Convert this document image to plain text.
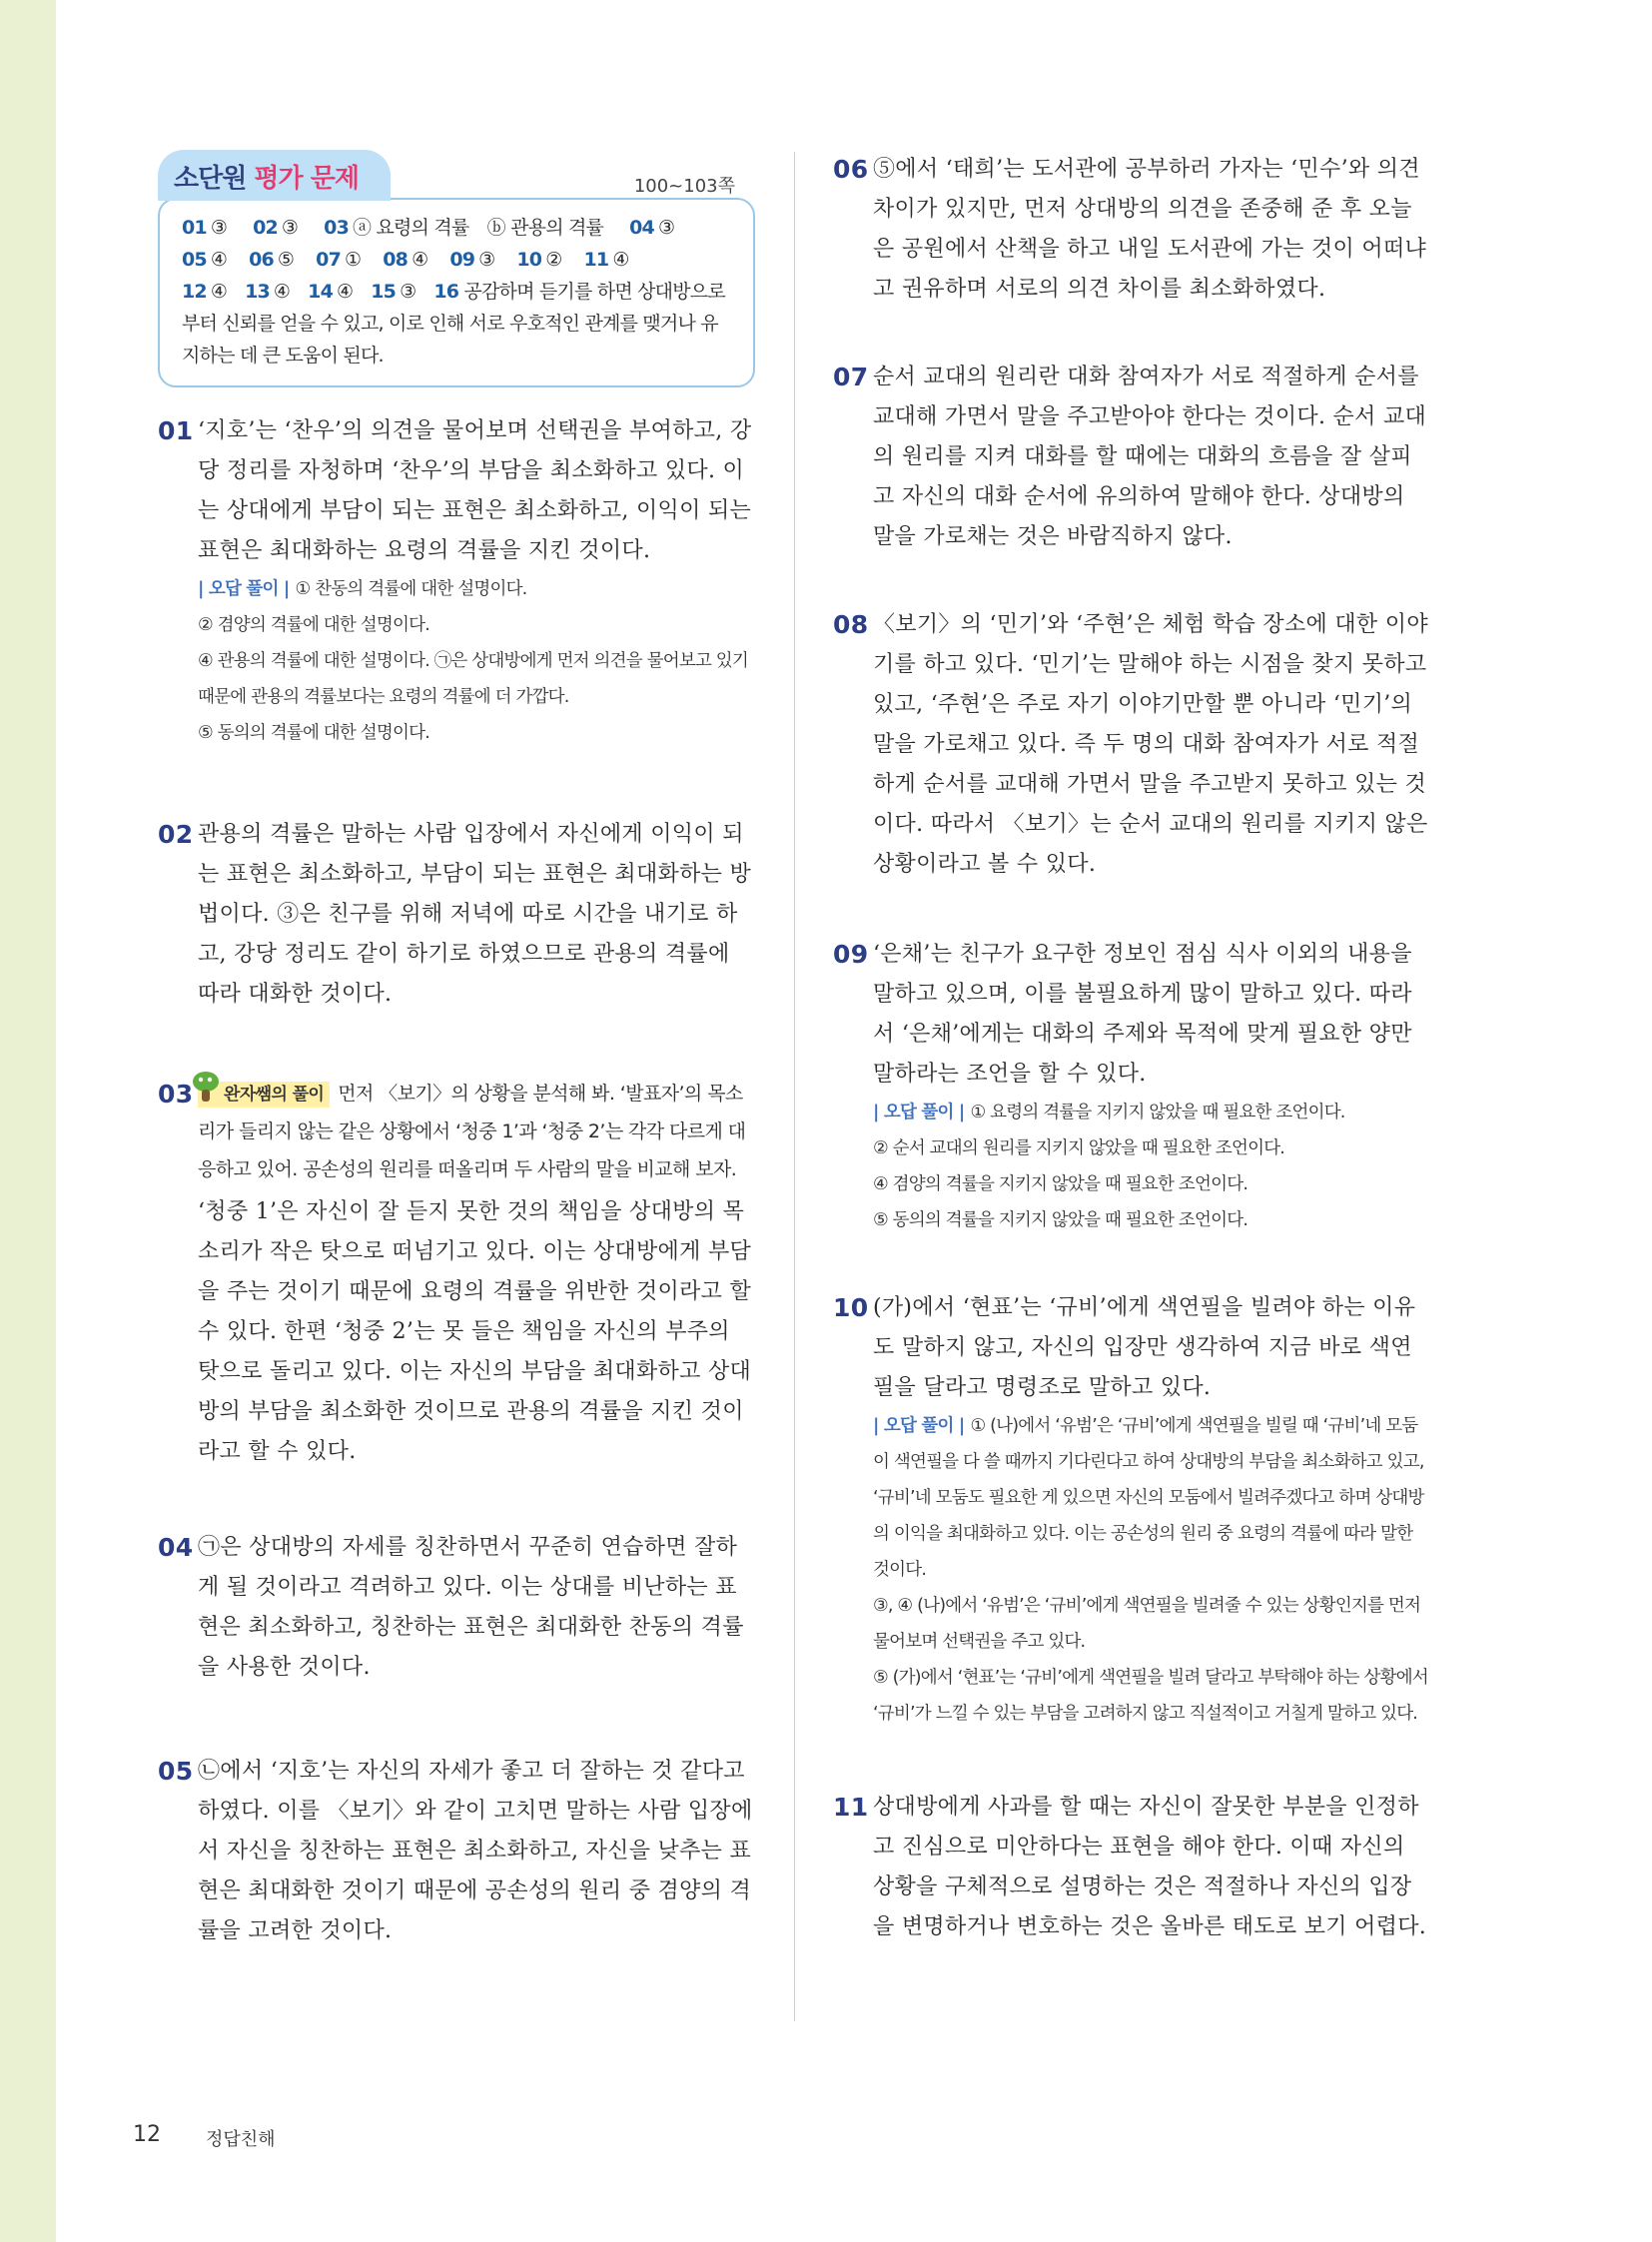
소단원 평가 문제	100~103쪽
01 ③ 02 ③ 03 ⓐ 요령의 격률　ⓑ 관용의 격률 04 ③
05 ④ 06 ⑤ 07 ① 08 ④ 09 ③ 10 ② 11 ④
12 ④ 13 ④ 14 ④ 15 ③ 16 공감하며 듣기를 하면 상대방으로부터 신뢰를 얻을 수 있고, 이로 인해 서로 우호적인 관계를 맺거나 유지하는 데 큰 도움이 된다.
01 ‘지호’는 ‘찬우’의 의견을 물어보며 선택권을 부여하고, 강당 정리를 자청하며 ‘찬우’의 부담을 최소화하고 있다. 이는 상대에게 부담이 되는 표현은 최소화하고, 이익이 되는 표현은 최대화하는 요령의 격률을 지킨 것이다.
| 오답 풀이 | ① 찬동의 격률에 대한 설명이다.
② 겸양의 격률에 대한 설명이다.
④ 관용의 격률에 대한 설명이다. ㉠은 상대방에게 먼저 의견을 물어보고 있기 때문에 관용의 격률보다는 요령의 격률에 더 가깝다.
⑤ 동의의 격률에 대한 설명이다.
02 관용의 격률은 말하는 사람 입장에서 자신에게 이익이 되는 표현은 최소화하고, 부담이 되는 표현은 최대화하는 방법이다. ③은 친구를 위해 저녁에 따로 시간을 내기로 하고, 강당 정리도 같이 하기로 하였으므로 관용의 격률에 따라 대화한 것이다.
03	완자쌤의 풀이 먼저 〈보기〉의 상황을 분석해 봐. ‘발표자’의 목소리가 들리지 않는 같은 상황에서 ‘청중 1’과 ‘청중 2’는 각각 다르게 대응하고 있어. 공손성의 원리를 떠올리며 두 사람의 말을 비교해 보자.
‘청중 1’은 자신이 잘 듣지 못한 것의 책임을 상대방의 목소리가 작은 탓으로 떠넘기고 있다. 이는 상대방에게 부담을 주는 것이기 때문에 요령의 격률을 위반한 것이라고 할 수 있다. 한편 ‘청중 2’는 못 들은 책임을 자신의 부주의 탓으로 돌리고 있다. 이는 자신의 부담을 최대화하고 상대방의 부담을 최소화한 것이므로 관용의 격률을 지킨 것이라고 할 수 있다.
04 ㉠은 상대방의 자세를 칭찬하면서 꾸준히 연습하면 잘하게 될 것이라고 격려하고 있다. 이는 상대를 비난하는 표현은 최소화하고, 칭찬하는 표현은 최대화한 찬동의 격률을 사용한 것이다.
05 ㉡에서 ‘지호’는 자신의 자세가 좋고 더 잘하는 것 같다고 하였다. 이를 〈보기〉와 같이 고치면 말하는 사람 입장에서 자신을 칭찬하는 표현은 최소화하고, 자신을 낮추는 표현은 최대화한 것이기 때문에 공손성의 원리 중 겸양의 격률을 고려한 것이다.
06 ⑤에서 ‘태희’는 도서관에 공부하러 가자는 ‘민수’와 의견 차이가 있지만, 먼저 상대방의 의견을 존중해 준 후 오늘은 공원에서 산책을 하고 내일 도서관에 가는 것이 어떠냐고 권유하며 서로의 의견 차이를 최소화하였다.
07 순서 교대의 원리란 대화 참여자가 서로 적절하게 순서를 교대해 가면서 말을 주고받아야 한다는 것이다. 순서 교대의 원리를 지켜 대화를 할 때에는 대화의 흐름을 잘 살피고 자신의 대화 순서에 유의하여 말해야 한다. 상대방의 말을 가로채는 것은 바람직하지 않다.
08 〈보기〉의 ‘민기’와 ‘주현’은 체험 학습 장소에 대한 이야기를 하고 있다. ‘민기’는 말해야 하는 시점을 찾지 못하고 있고, ‘주현’은 주로 자기 이야기만할 뿐 아니라 ‘민기’의 말을 가로채고 있다. 즉 두 명의 대화 참여자가 서로 적절하게 순서를 교대해 가면서 말을 주고받지 못하고 있는 것이다. 따라서 〈보기〉는 순서 교대의 원리를 지키지 않은 상황이라고 볼 수 있다.
09 ‘은채’는 친구가 요구한 정보인 점심 식사 이외의 내용을 말하고 있으며, 이를 불필요하게 많이 말하고 있다. 따라서 ‘은채’에게는 대화의 주제와 목적에 맞게 필요한 양만 말하라는 조언을 할 수 있다.
| 오답 풀이 | ① 요령의 격률을 지키지 않았을 때 필요한 조언이다.
② 순서 교대의 원리를 지키지 않았을 때 필요한 조언이다.
④ 겸양의 격률을 지키지 않았을 때 필요한 조언이다.
⑤ 동의의 격률을 지키지 않았을 때 필요한 조언이다.
10 (가)에서 ‘현표’는 ‘규비’에게 색연필을 빌려야 하는 이유도 말하지 않고, 자신의 입장만 생각하여 지금 바로 색연필을 달라고 명령조로 말하고 있다.
| 오답 풀이 | ① (나)에서 ‘유범’은 ‘규비’에게 색연필을 빌릴 때 ‘규비’네 모둠이 색연필을 다 쓸 때까지 기다린다고 하여 상대방의 부담을 최소화하고 있고, ‘규비’네 모둠도 필요한 게 있으면 자신의 모둠에서 빌려주겠다고 하며 상대방의 이익을 최대화하고 있다. 이는 공손성의 원리 중 요령의 격률에 따라 말한 것이다.
③, ④ (나)에서 ‘유범’은 ‘규비’에게 색연필을 빌려줄 수 있는 상황인지를 먼저 물어보며 선택권을 주고 있다.
⑤ (가)에서 ‘현표’는 ‘규비’에게 색연필을 빌려 달라고 부탁해야 하는 상황에서 ‘규비’가 느낄 수 있는 부담을 고려하지 않고 직설적이고 거칠게 말하고 있다.
11 상대방에게 사과를 할 때는 자신이 잘못한 부분을 인정하고 진심으로 미안하다는 표현을 해야 한다. 이때 자신의 상황을 구체적으로 설명하는 것은 적절하나 자신의 입장을 변명하거나 변호하는 것은 올바른 태도로 보기 어렵다.
12	정답친해
